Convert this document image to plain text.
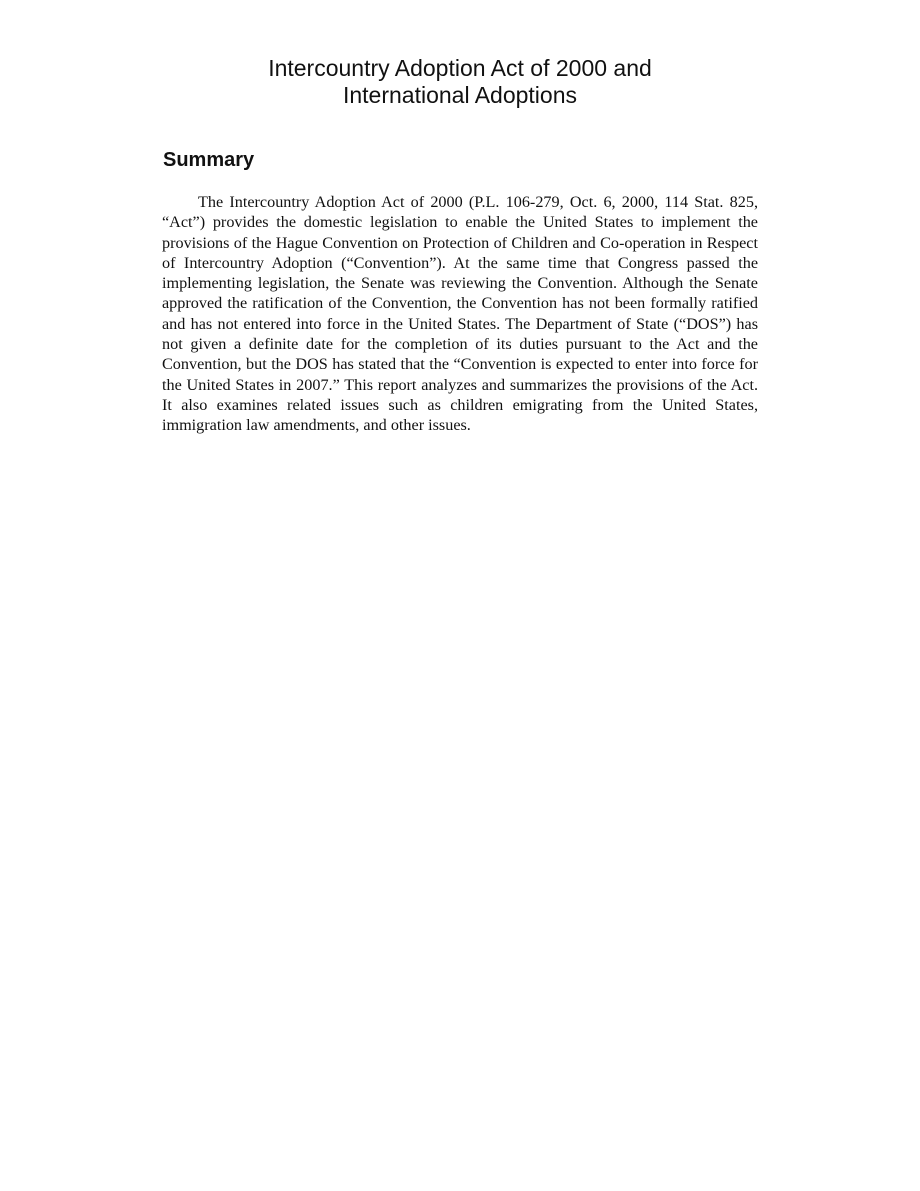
Intercountry Adoption Act of 2000 and
International Adoptions
Summary

The Intercountry Adoption Act of 2000 (P.L. 106-279, Oct. 6, 2000, 114 Stat. 825, “Act”) provides the domestic legislation to enable the United States to implement the provisions of the Hague Convention on Protection of Children and Co-operation in Respect of Intercountry Adoption (“Convention”). At the same time that Congress passed the implementing legislation, the Senate was reviewing the Convention. Although the Senate approved the ratification of the Convention, the Convention has not been formally ratified and has not entered into force in the United States. The Department of State (“DOS”) has not given a definite date for the completion of its duties pursuant to the Act and the Convention, but the DOS has stated that the “Convention is expected to enter into force for the United States in 2007.” This report analyzes and summarizes the provisions of the Act. It also examines related issues such as children emigrating from the United States, immigration law amendments, and other issues.
